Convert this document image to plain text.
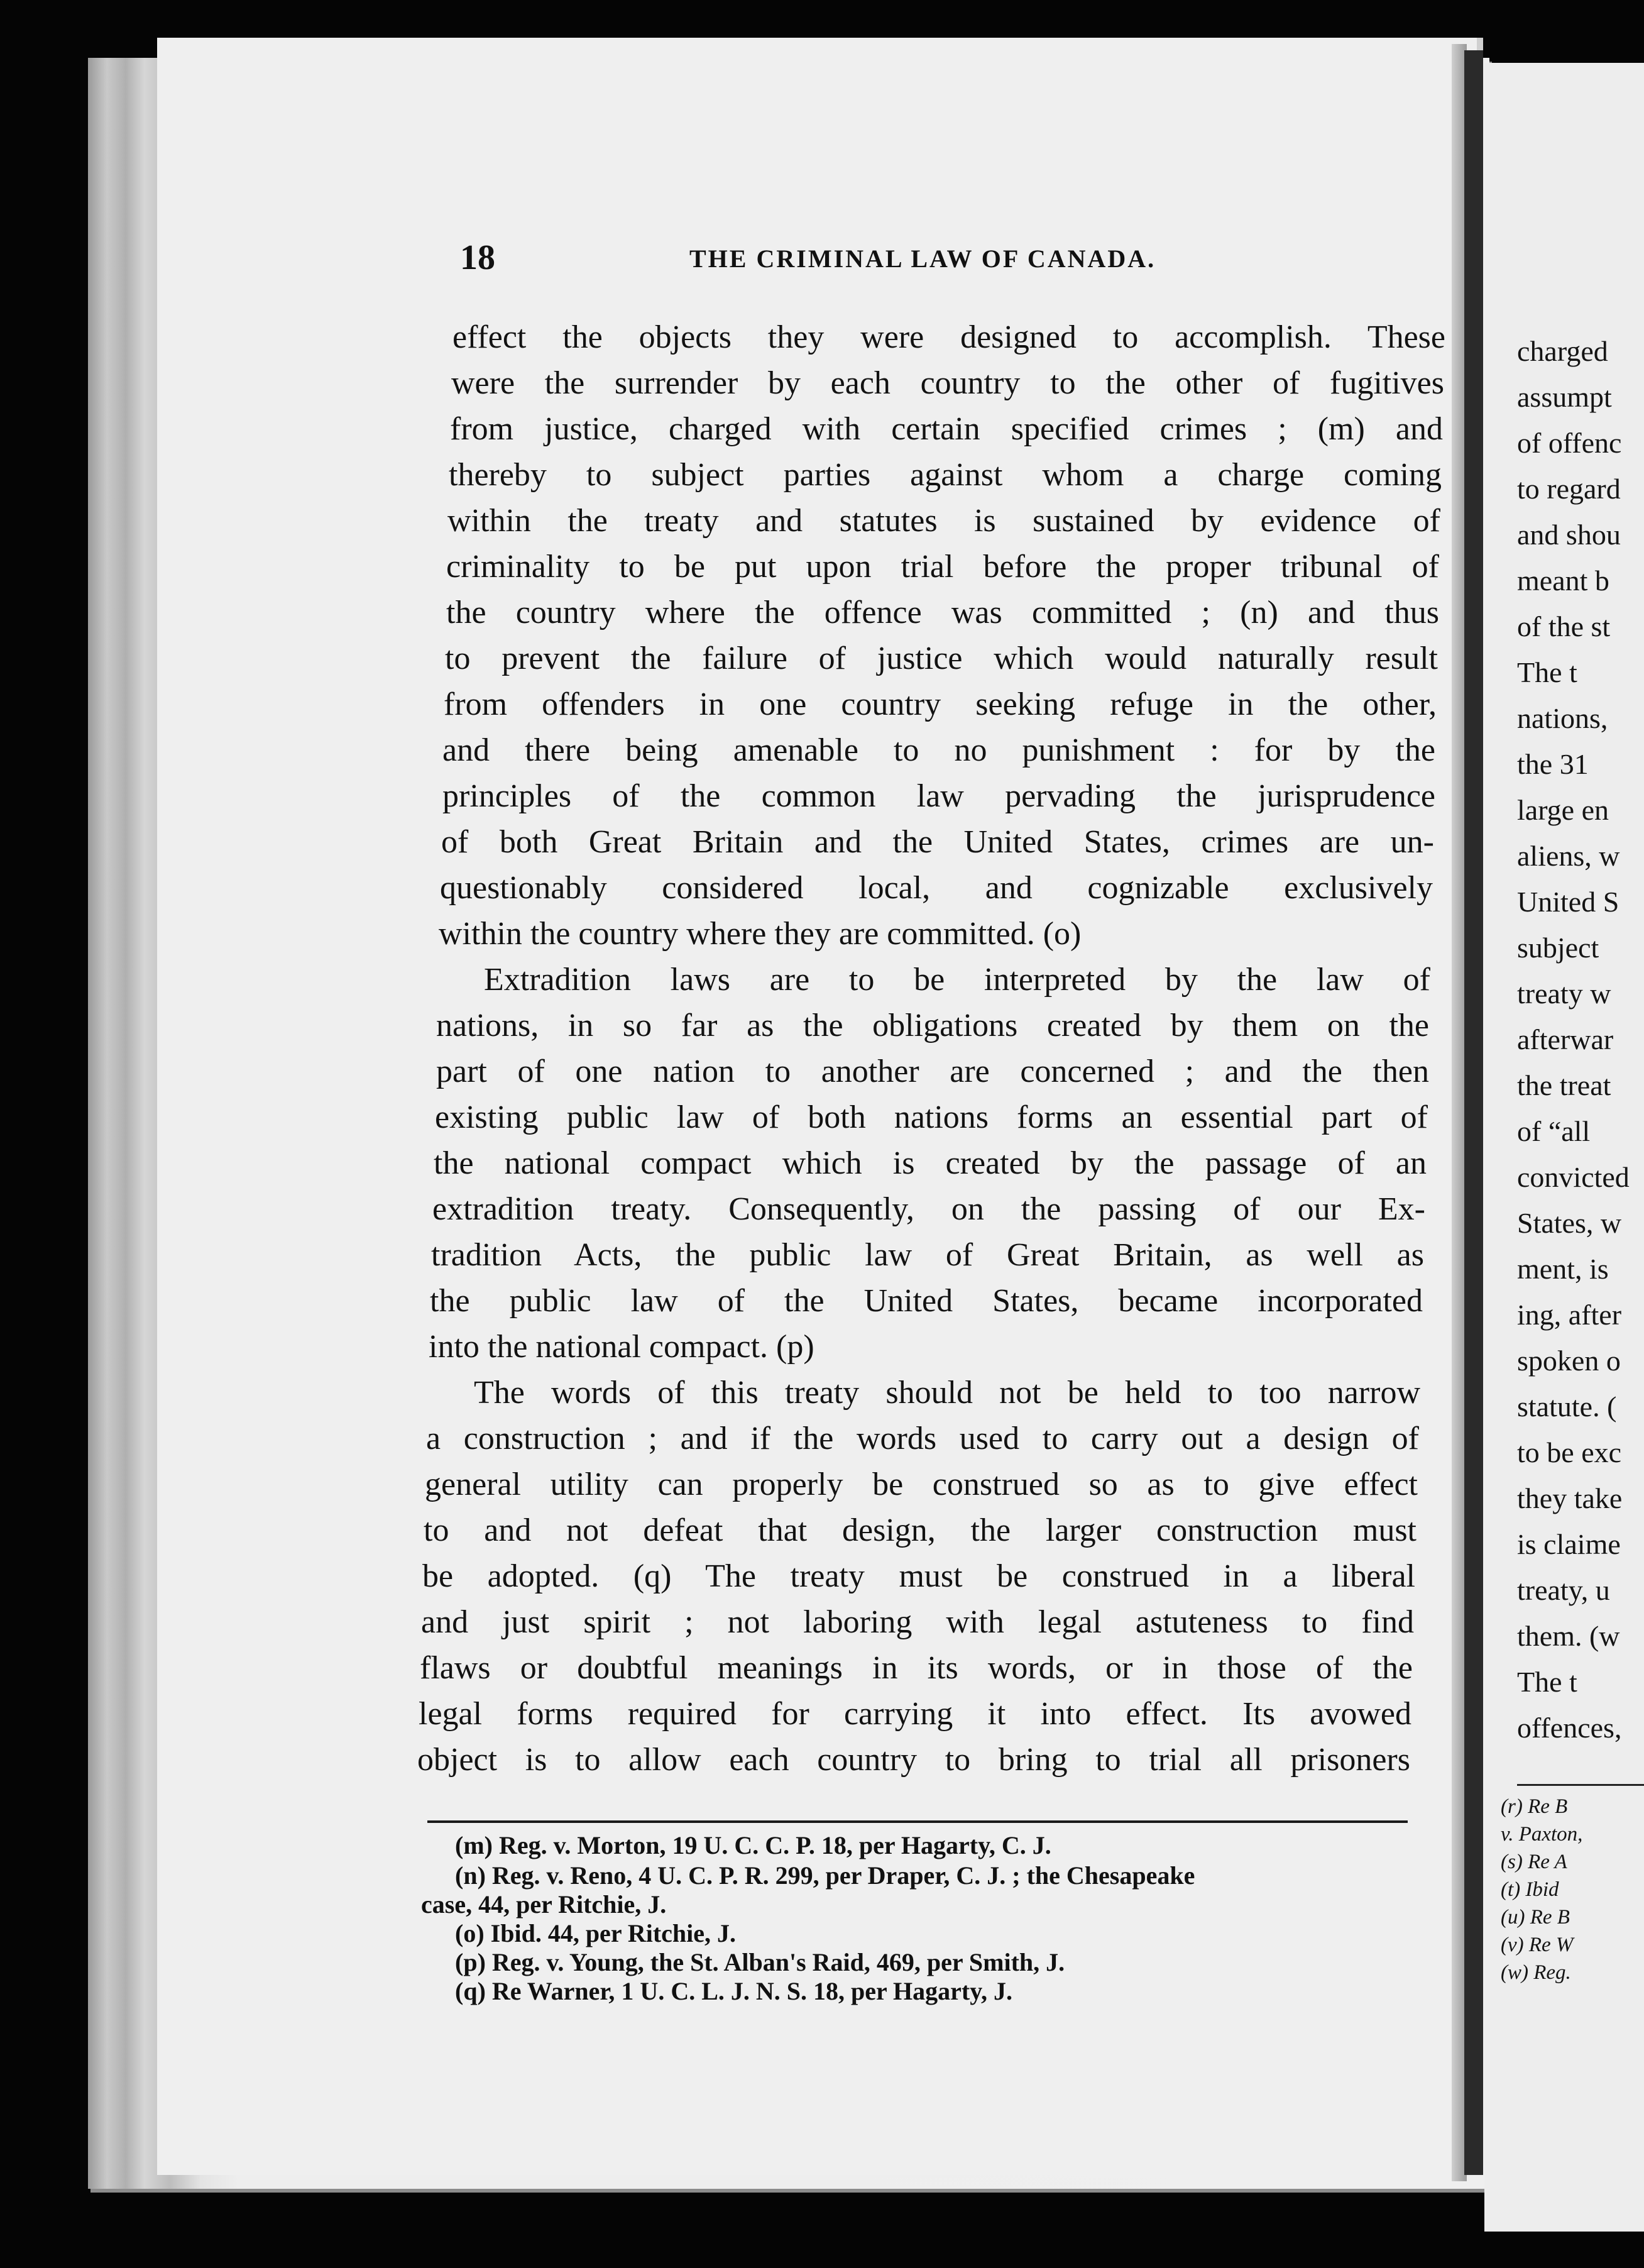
charged
assumpt
of offenc
to regard
and shou
meant b
of the st
The t
nations,
the 31
large en
aliens, w
United S
subject
treaty w
afterwar
the treat
of “all
convicted
States, w
ment, is
ing, after
spoken o
statute. (
to be exc
they take
is claime
treaty, u
them. (w
The t
offences,
(r) Re B
v. Paxton,
(s) Re A
(t) Ibid
(u) Re B
(v) Re W
(w) Reg.
18	THE CRIMINAL LAW OF CANADA.
effect the objects they were designed to accomplish. These
were the surrender by each country to the other of fugitives
from justice, charged with certain specified crimes ; (m) and
thereby to subject parties against whom a charge coming
within the treaty and statutes is sustained by evidence of
criminality to be put upon trial before the proper tribunal of
the country where the offence was committed ; (n) and thus
to prevent the failure of justice which would naturally result
from offenders in one country seeking refuge in the other,
and there being amenable to no punishment : for by the
principles of the common law pervading the jurisprudence
of both Great Britain and the United States, crimes are un-
questionably considered local, and cognizable exclusively
within the country where they are committed. (o)
Extradition laws are to be interpreted by the law of
nations, in so far as the obligations created by them on the
part of one nation to another are concerned ; and the then
existing public law of both nations forms an essential part of
the national compact which is created by the passage of an
extradition treaty. Consequently, on the passing of our Ex-
tradition Acts, the public law of Great Britain, as well as
the public law of the United States, became incorporated
into the national compact. (p)
The words of this treaty should not be held to too narrow
a construction ; and if the words used to carry out a design of
general utility can properly be construed so as to give effect
to and not defeat that design, the larger construction must
be adopted. (q) The treaty must be construed in a liberal
and just spirit ; not laboring with legal astuteness to find
flaws or doubtful meanings in its words, or in those of the
legal forms required for carrying it into effect. Its avowed
object is to allow each country to bring to trial all prisoners
(m) Reg. v. Morton, 19 U. C. C. P. 18, per Hagarty, C. J.
(n) Reg. v. Reno, 4 U. C. P. R. 299, per Draper, C. J. ; the Chesapeake
case, 44, per Ritchie, J.
(o) Ibid. 44, per Ritchie, J.
(p) Reg. v. Young, the St. Alban's Raid, 469, per Smith, J.
(q) Re Warner, 1 U. C. L. J. N. S. 18, per Hagarty, J.
